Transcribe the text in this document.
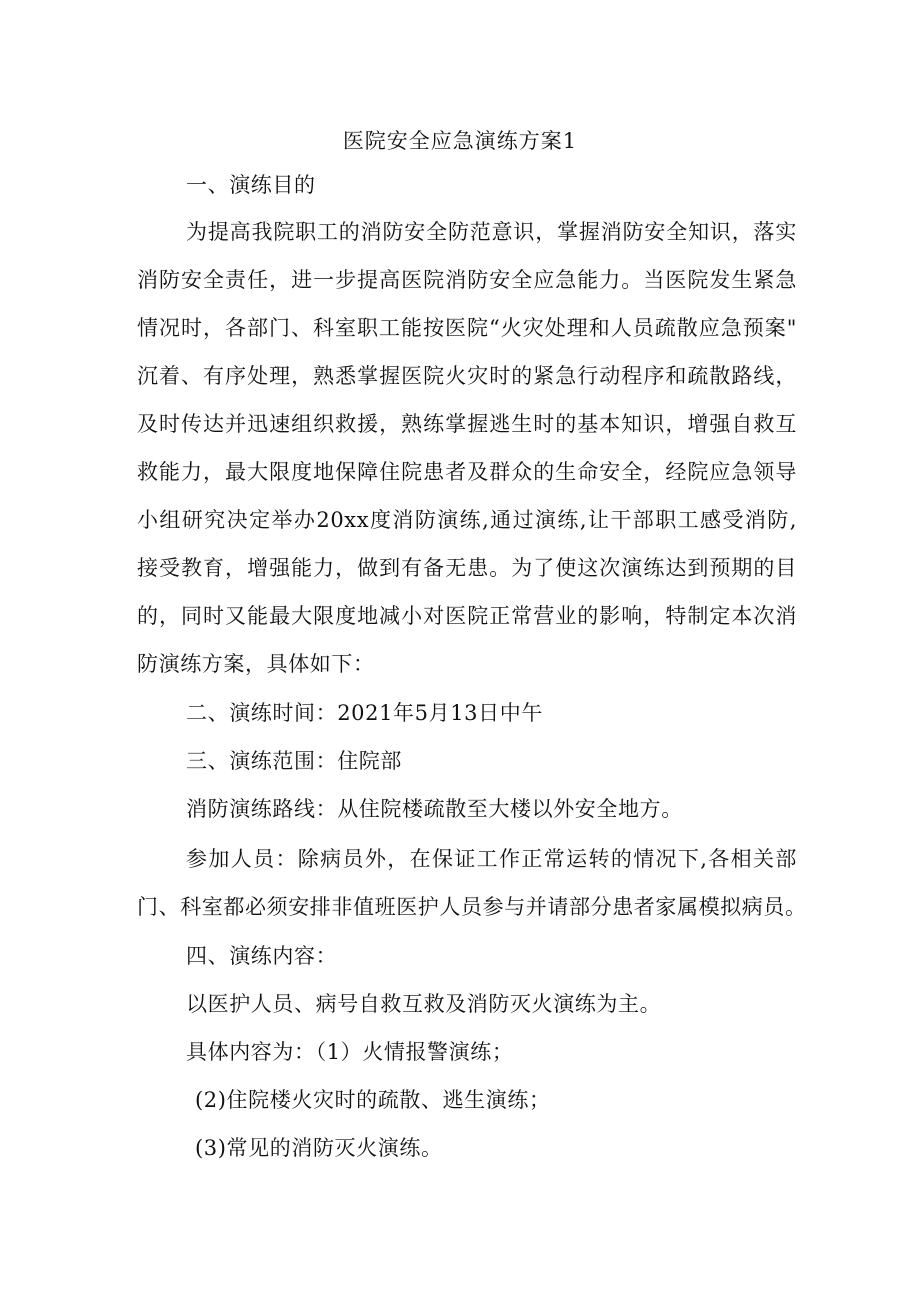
医院安全应急演练方案1
一、演练目的
为提高我院职工的消防安全防范意识，掌握消防安全知识，落实
消防安全责任，进一步提高医院消防安全应急能力。当医院发生紧急
情况时，各部门、科室职工能按医院“火灾处理和人员疏散应急预案"
沉着、有序处理，熟悉掌握医院火灾时的紧急行动程序和疏散路线，
及时传达并迅速组织救援，熟练掌握逃生时的基本知识，增强自救互
救能力，最大限度地保障住院患者及群众的生命安全，经院应急领导
小组研究决定举办20xx度消防演练,通过演练,让干部职工感受消防,
接受教育，增强能力，做到有备无患。为了使这次演练达到预期的目
的，同时又能最大限度地减小对医院正常营业的影响，特制定本次消
防演练方案，具体如下：
二、演练时间：2021年5月13日中午
三、演练范围：住院部
消防演练路线：从住院楼疏散至大楼以外安全地方。
参加人员：除病员外，在保证工作正常运转的情况下,各相关部
门、科室都必须安排非值班医护人员参与并请部分患者家属模拟病员。
四、演练内容：
以医护人员、病号自救互救及消防灭火演练为主。
具体内容为：（1）火情报警演练；
(2)住院楼火灾时的疏散、逃生演练；
(3)常见的消防灭火演练。
